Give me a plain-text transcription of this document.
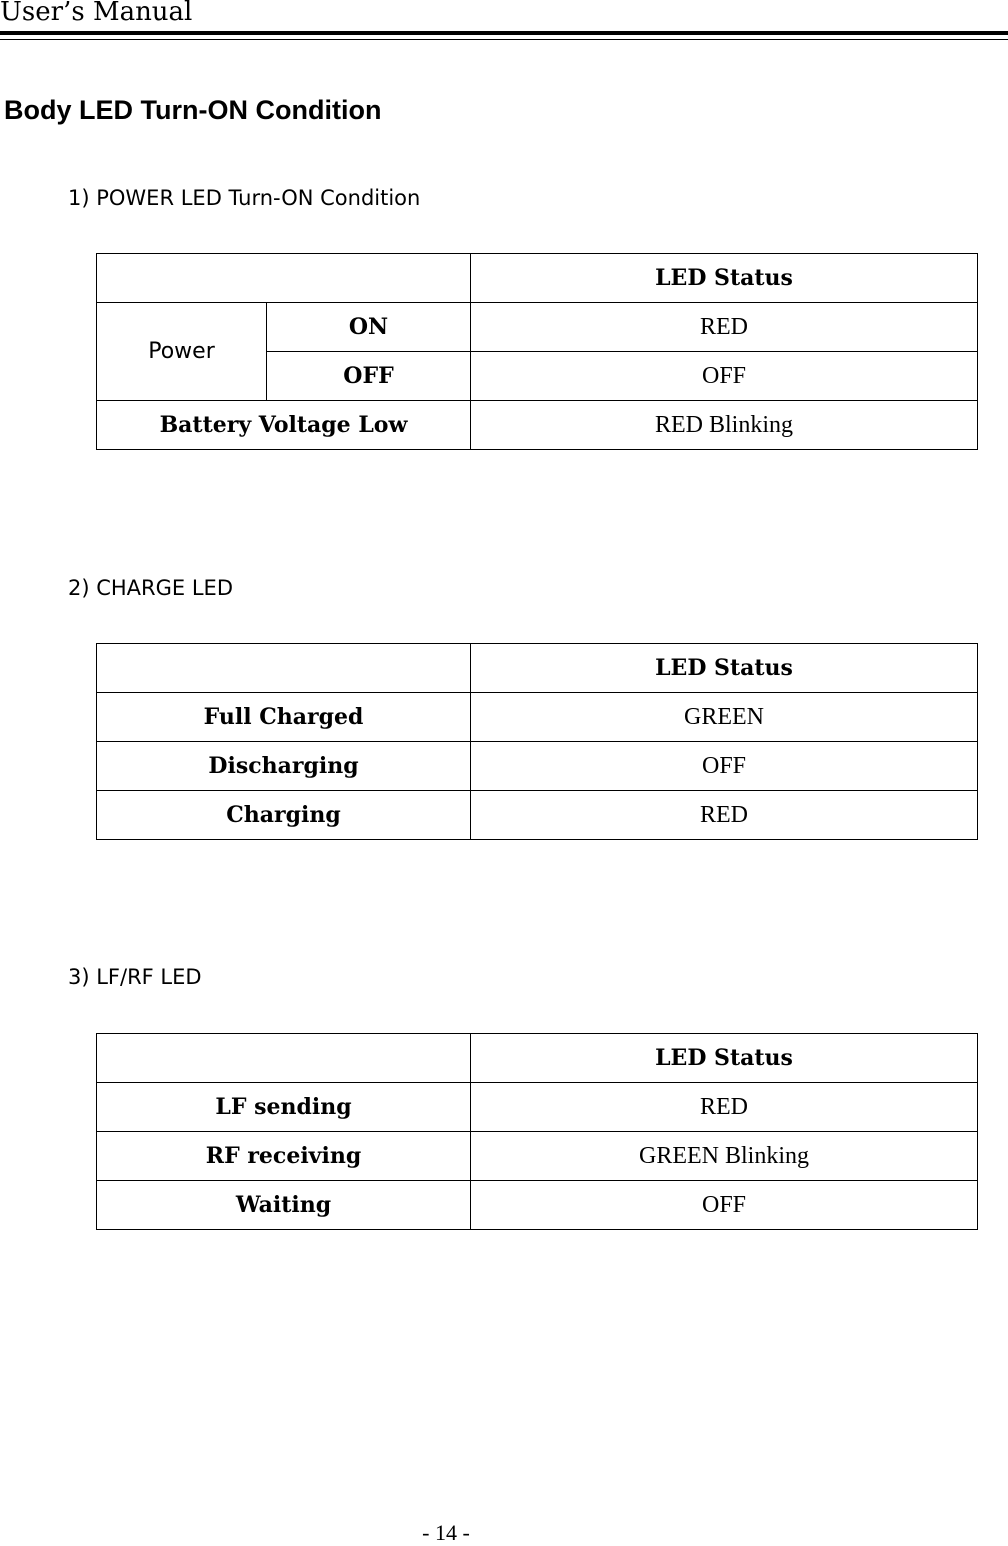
User’s Manual
Body LED Turn-ON Condition
1) POWER LED Turn-ON Condition
		LED Status
Power	ON	RED
	OFF	OFF
Battery Voltage Low		RED Blinking
2) CHARGE LED
	LED Status
Full Charged	GREEN
Discharging	OFF
Charging	RED
3) LF/RF LED
	LED Status
LF sending	RED
RF receiving	GREEN Blinking
Waiting	OFF
- 14 -
